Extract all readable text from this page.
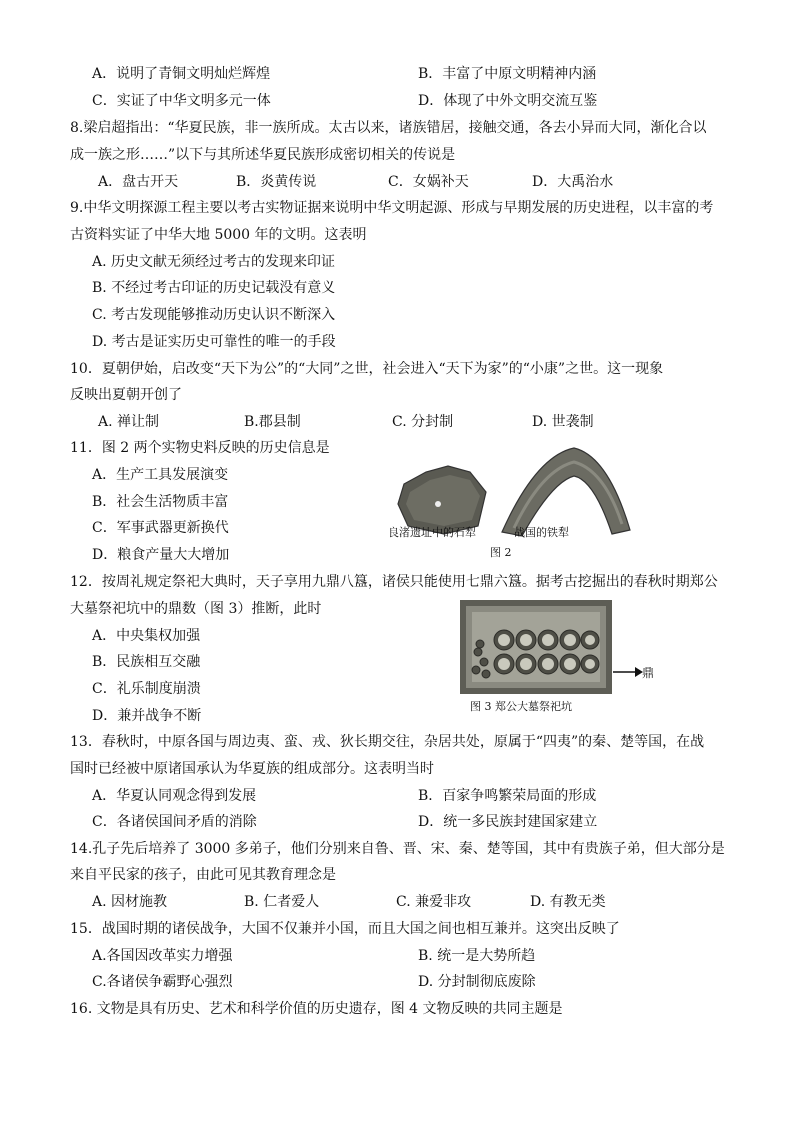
A．说明了青铜文明灿烂辉煌	B．丰富了中原文明精神内涵
C．实证了中华文明多元一体	D．体现了中外文明交流互鉴
8.梁启超指出：“华夏民族，非一族所成。太古以来，诸族错居，接触交通，各去小异而大同，渐化合以
成一族之形……”以下与其所述华夏民族形成密切相关的传说是
A．盘古开天	B．炎黄传说	C．女娲补天	D．大禹治水
9.中华文明探源工程主要以考古实物证据来说明中华文明起源、形成与早期发展的历史进程，以丰富的考
古资料实证了中华大地 5000 年的文明。这表明
A. 历史文献无须经过考古的发现来印证
B. 不经过考古印证的历史记载没有意义
C. 考古发现能够推动历史认识不断深入
D. 考古是证实历史可靠性的唯一的手段
10．夏朝伊始，启改变“天下为公”的“大同”之世，社会进入“天下为家”的“小康”之世。这一现象
反映出夏朝开创了
A. 禅让制	B.郡县制	C. 分封制	D. 世袭制
11．图 2 两个实物史料反映的历史信息是
A．生产工具发展演变
B．社会生活物质丰富
C．军事武器更新换代
D．粮食产量大大增加
良渚遗址中的石犁	战国的铁犁
图 2
12．按周礼规定祭祀大典时，天子享用九鼎八簋，诸侯只能使用七鼎六簋。据考古挖掘出的春秋时期郑公
大墓祭祀坑中的鼎数（图 3）推断，此时
A．中央集权加强
B．民族相互交融
C．礼乐制度崩溃
D．兼并战争不断
鼎
图 3 郑公大墓祭祀坑
13．春秋时，中原各国与周边夷、蛮、戎、狄长期交往，杂居共处，原属于“四夷”的秦、楚等国，在战
国时已经被中原诸国承认为华夏族的组成部分。这表明当时
A．华夏认同观念得到发展	B．百家争鸣繁荣局面的形成
C．各诸侯国间矛盾的消除	D．统一多民族封建国家建立
14.孔子先后培养了 3000 多弟子，他们分别来自鲁、晋、宋、秦、楚等国，其中有贵族子弟，但大部分是
来自平民家的孩子，由此可见其教育理念是
A. 因材施教	B. 仁者爱人	C. 兼爱非攻	D. 有教无类
15．战国时期的诸侯战争，大国不仅兼并小国，而且大国之间也相互兼并。这突出反映了
A.各国因改革实力增强	B. 统一是大势所趋
C.各诸侯争霸野心强烈	D. 分封制彻底废除
16. 文物是具有历史、艺术和科学价值的历史遗存，图 4 文物反映的共同主题是
